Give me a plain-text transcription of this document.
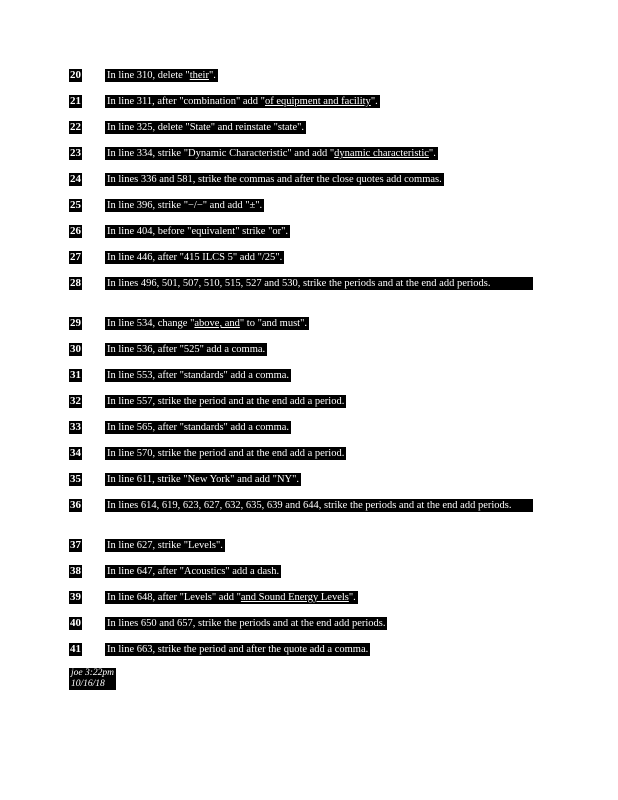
20 In line 310, delete "their".
21 In line 311, after "combination" add "of equipment and facility".
22 In line 325, delete "State" and reinstate "state".
23 In line 334, strike "Dynamic Characteristic" and add "dynamic characteristic".
24 In lines 336 and 581, strike the commas and after the close quotes add commas.
25 In line 396, strike "−/−" and add "±".
26 In line 404, before "equivalent" strike "or".
27 In line 446, after "415 ILCS 5" add "/25".
28 In lines 496, 501, 507, 510, 515, 527 and 530, strike the periods and at the end add periods.
29 In line 534, change "above, and" to "and must".
30 In line 536, after "525" add a comma.
31 In line 553, after "standards" add a comma.
32 In line 557, strike the period and at the end add a period.
33 In line 565, after "standards" add a comma.
34 In line 570, strike the period and at the end add a period.
35 In line 611, strike "New York" and add "NY".
36 In lines 614, 619, 623, 627, 632, 635, 639 and 644, strike the periods and at the end add periods.
37 In line 627, strike "Levels".
38 In line 647, after "Acoustics" add a dash.
39 In line 648, after "Levels" add "and Sound Energy Levels".
40 In lines 650 and 657, strike the periods and at the end add periods.
41 In line 663, strike the period and after the quote add a comma.
joe 3:22pm
10/16/18
